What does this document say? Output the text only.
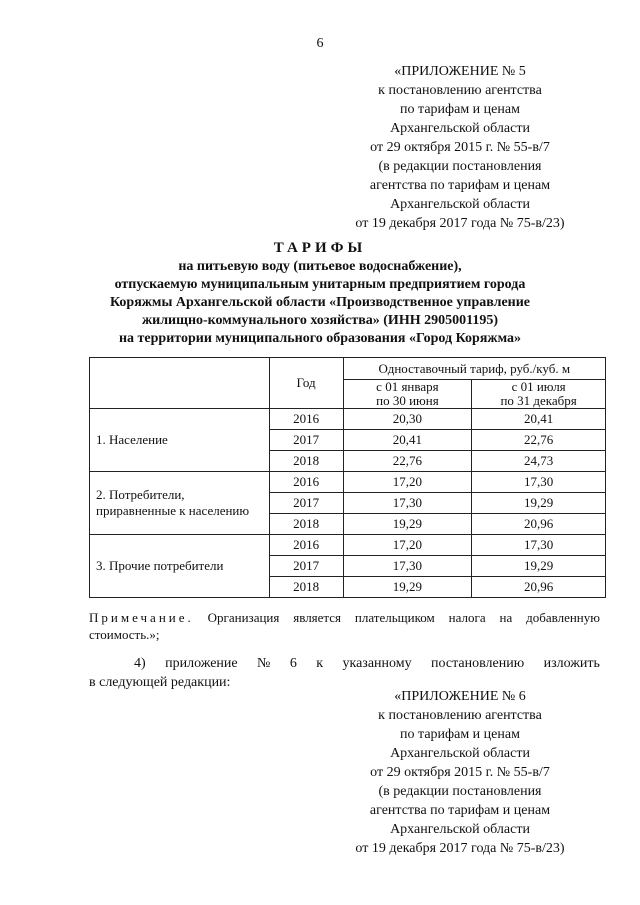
6
«ПРИЛОЖЕНИЕ № 5
к постановлению агентства
по тарифам и ценам
Архангельской области
от 29 октября 2015 г. № 55-в/7
(в редакции постановления
агентства по тарифам и ценам
Архангельской области
от 19 декабря 2017 года № 75-в/23)
ТАРИФЫ
на питьевую воду (питьевое водоснабжение),
отпускаемую муниципальным унитарным предприятием города
Коряжмы Архангельской области «Производственное управление
жилищно-коммунального хозяйства» (ИНН 2905001195)
на территории муниципального образования «Город Коряжма»
	Год	Одноставочный тариф, руб./куб. м	
		с 01 января
по 30 июня	с 01 июля
по 31 декабря
1. Население	2016	20,30	20,41
	2017	20,41	22,76
	2018	22,76	24,73
2. Потребители,
приравненные к населению	2016	17,20	17,30
	2017	17,30	19,29
	2018	19,29	20,96
3. Прочие потребители	2016	17,20	17,30
	2017	17,30	19,29
	2018	19,29	20,96
Примечание. Организация является плательщиком налога на добавленную
стоимость.»;
4) приложение № 6 к указанному постановлению изложить
в следующей редакции:
«ПРИЛОЖЕНИЕ № 6
к постановлению агентства
по тарифам и ценам
Архангельской области
от 29 октября 2015 г. № 55-в/7
(в редакции постановления
агентства по тарифам и ценам
Архангельской области
от 19 декабря 2017 года № 75-в/23)
